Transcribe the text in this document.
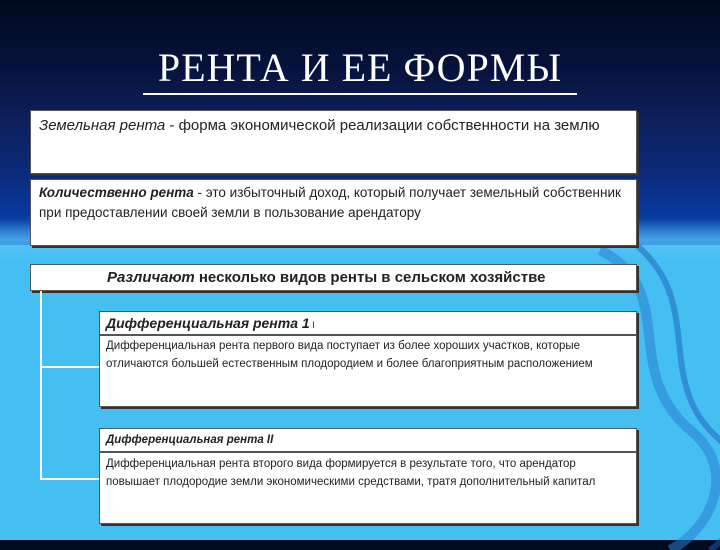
РЕНТА И ЕЕ ФОРМЫ

Земельная рента - форма экономической реализации собственности на землю

Количественно рента - это избыточный доход, который получает земельный собственник при предоставлении своей земли в пользование арендатору

Различают несколько видов ренты в сельском хозяйстве

Дифференциальная рента 1 I

Дифференциальная рента первого вида поступает из более хороших участков, которые отличаются большей естественным плодородием и более благоприятным расположением

Дифференциальная рента II

Дифференциальная рента второго вида формируется в результате того, что арендатор повышает плодородие земли экономическими средствами, тратя дополнительный капитал
